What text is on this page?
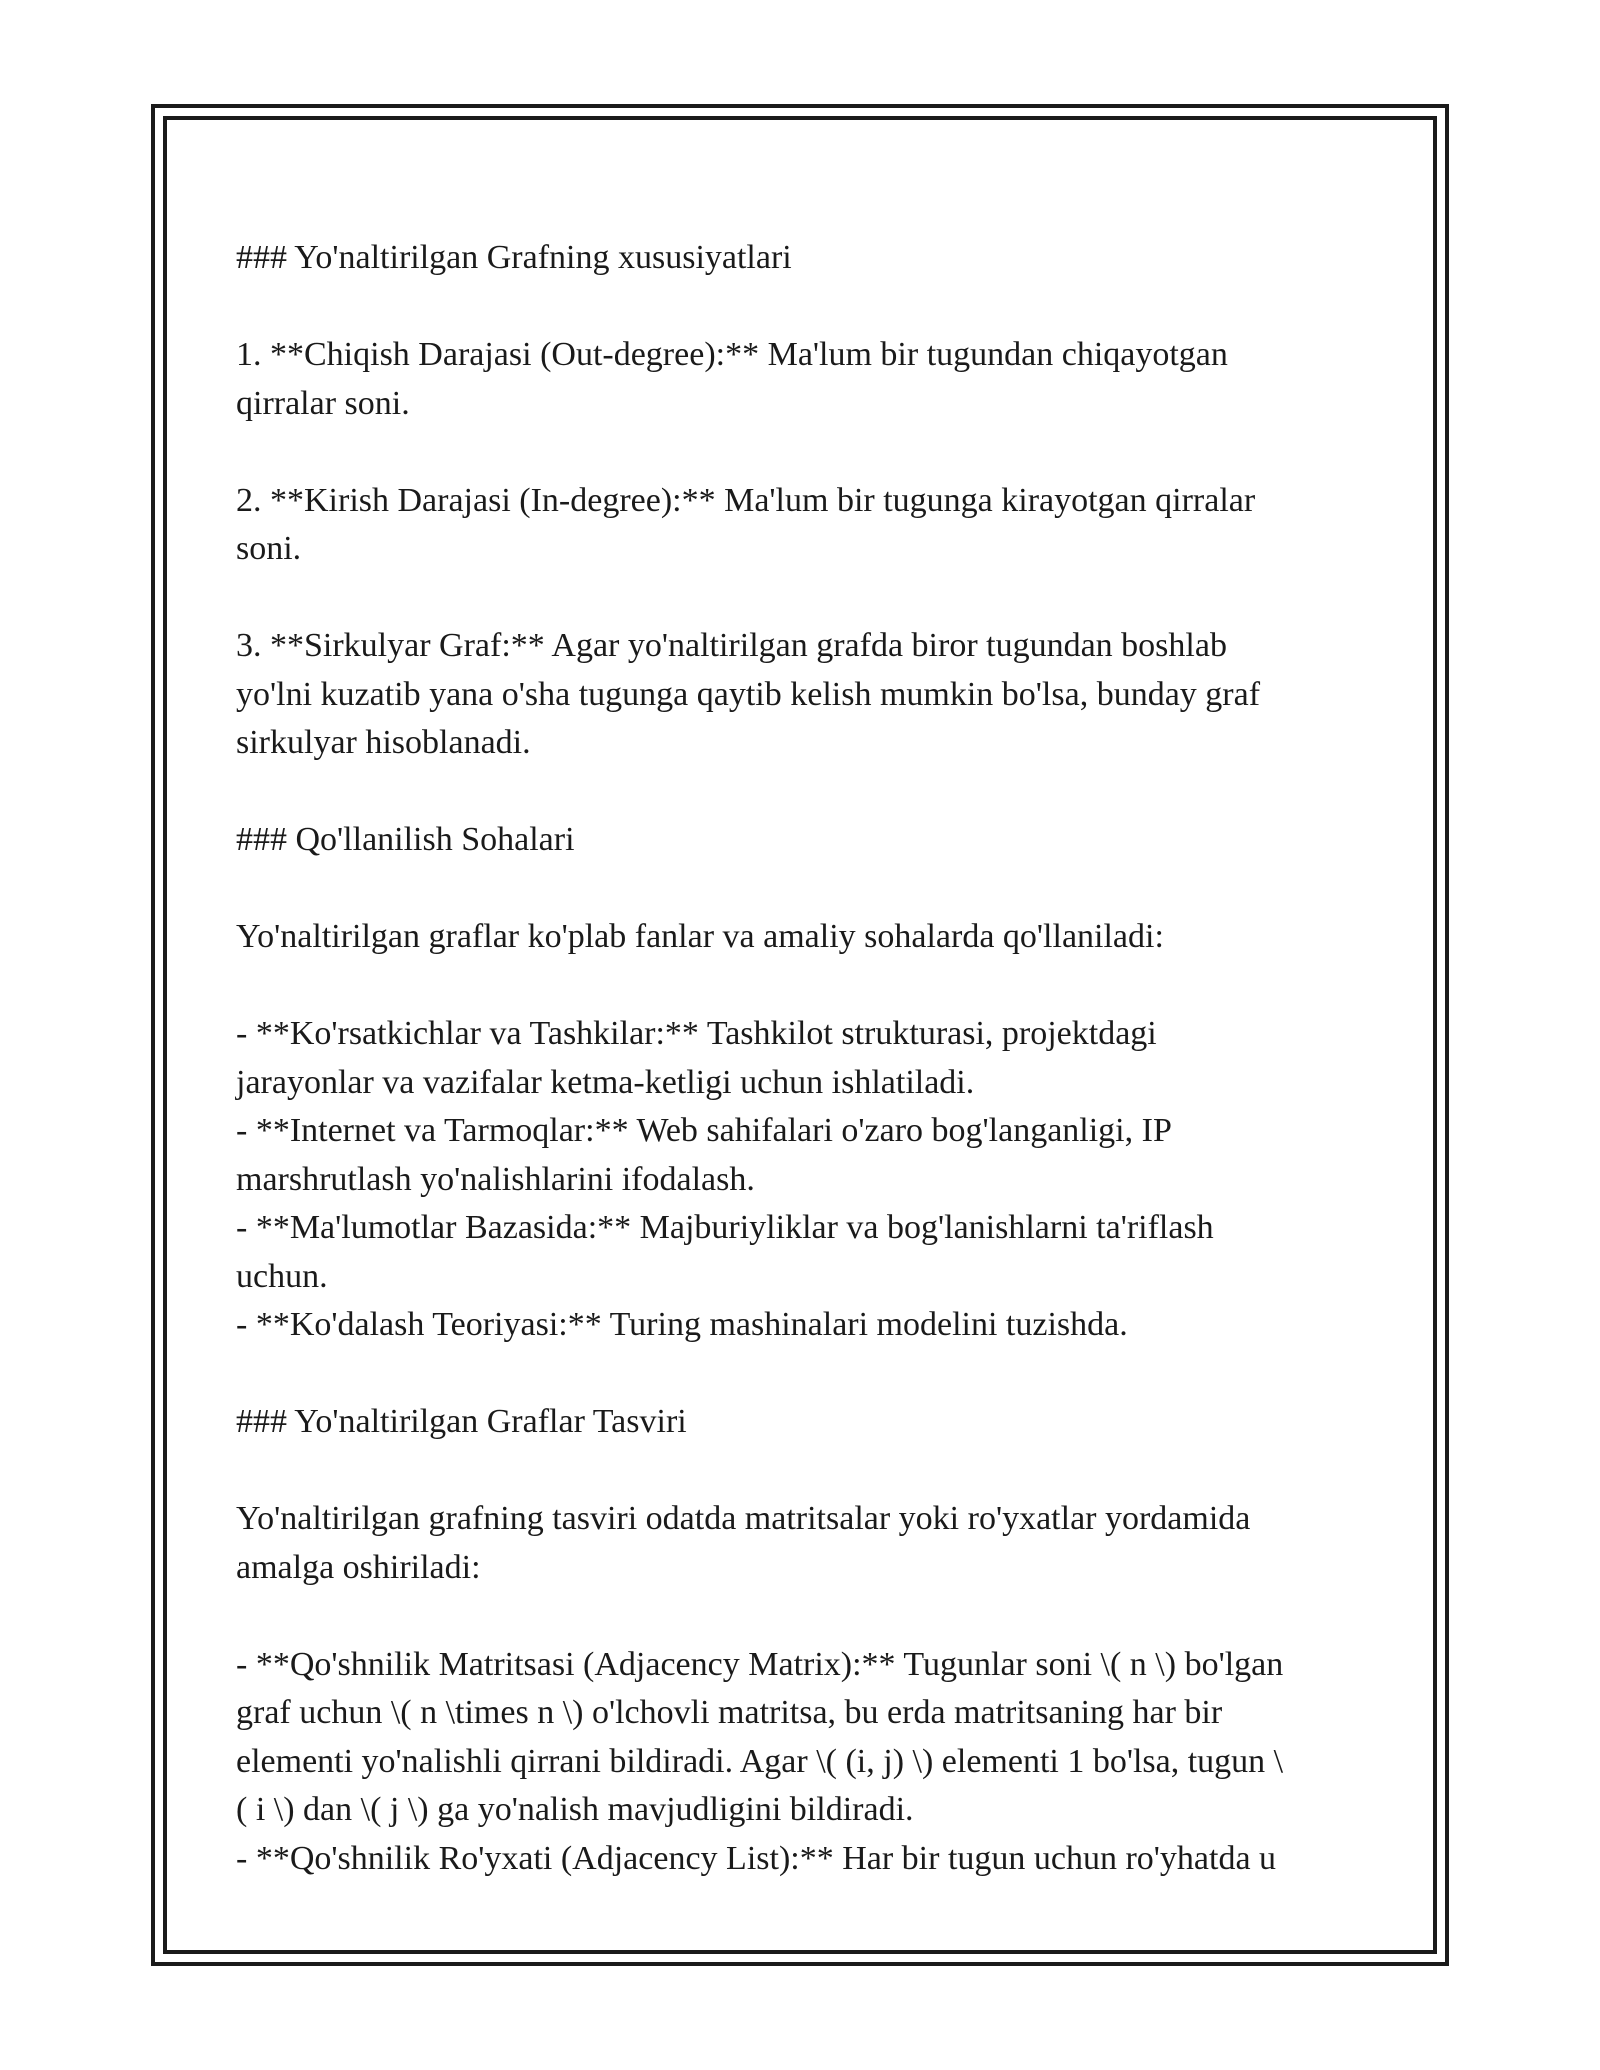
### Yo'naltirilgan Grafning xususiyatlari
1. **Chiqish Darajasi (Out-degree):** Ma'lum bir tugundan chiqayotgan
qirralar soni.
2. **Kirish Darajasi (In-degree):** Ma'lum bir tugunga kirayotgan qirralar
soni.
3. **Sirkulyar Graf:** Agar yo'naltirilgan grafda biror tugundan boshlab
yo'lni kuzatib yana o'sha tugunga qaytib kelish mumkin bo'lsa, bunday graf
sirkulyar hisoblanadi.
### Qo'llanilish Sohalari
Yo'naltirilgan graflar ko'plab fanlar va amaliy sohalarda qo'llaniladi:
- **Ko'rsatkichlar va Tashkilar:** Tashkilot strukturasi, projektdagi
jarayonlar va vazifalar ketma-ketligi uchun ishlatiladi.
- **Internet va Tarmoqlar:** Web sahifalari o'zaro bog'langanligi, IP
marshrutlash yo'nalishlarini ifodalash.
- **Ma'lumotlar Bazasida:** Majburiyliklar va bog'lanishlarni ta'riflash
uchun.
- **Ko'dalash Teoriyasi:** Turing mashinalari modelini tuzishda.
### Yo'naltirilgan Graflar Tasviri
Yo'naltirilgan grafning tasviri odatda matritsalar yoki ro'yxatlar yordamida
amalga oshiriladi:
- **Qo'shnilik Matritsasi (Adjacency Matrix):** Tugunlar soni \( n \) bo'lgan
graf uchun \( n \times n \) o'lchovli matritsa, bu erda matritsaning har bir
elementi yo'nalishli qirrani bildiradi. Agar \( (i, j) \) elementi 1 bo'lsa, tugun \
( i \) dan \( j \) ga yo'nalish mavjudligini bildiradi.
- **Qo'shnilik Ro'yxati (Adjacency List):** Har bir tugun uchun ro'yhatda u
